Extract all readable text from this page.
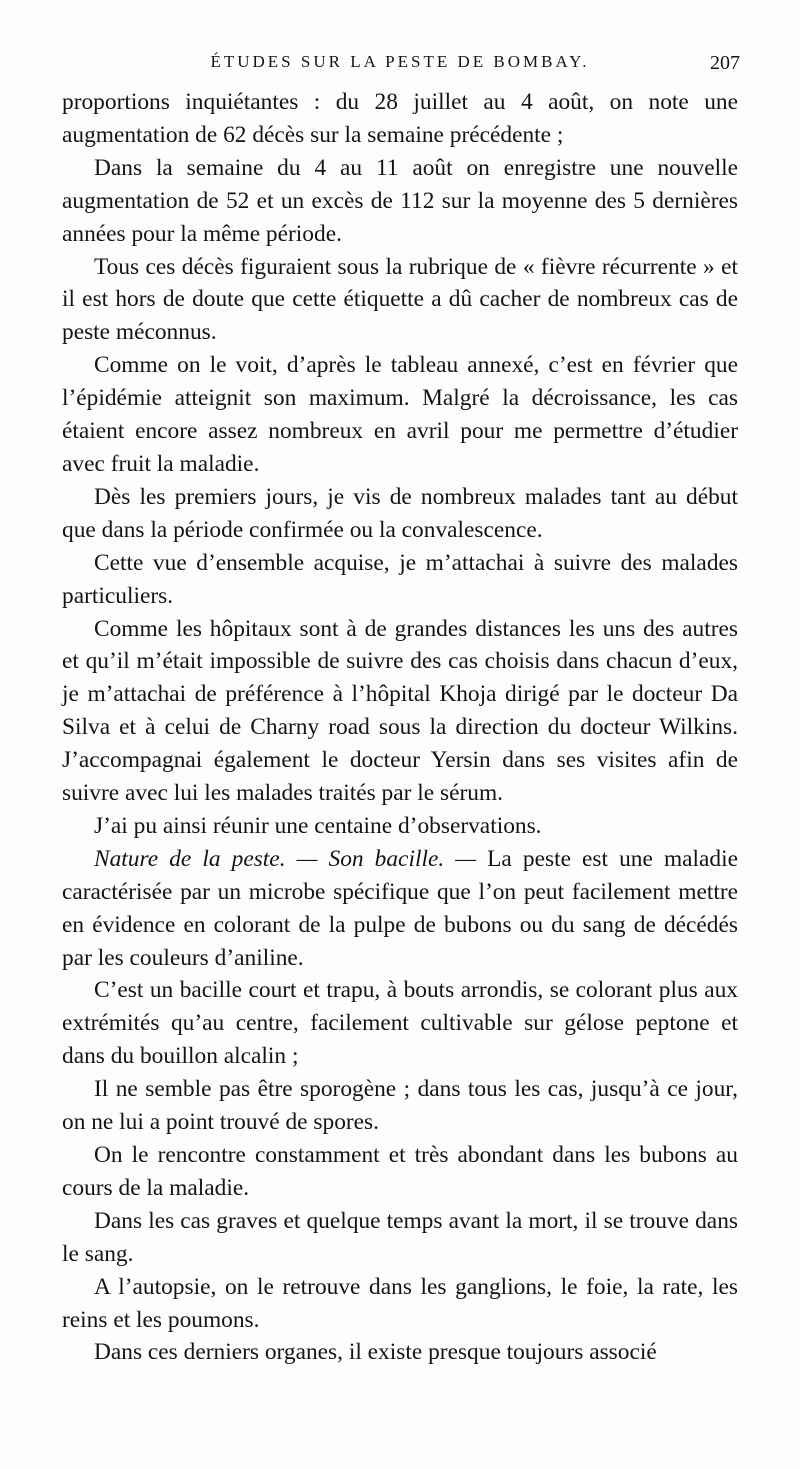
ÉTUDES SUR LA PESTE DE BOMBAY.	207

proportions inquiétantes : du 28 juillet au 4 août, on note une augmentation de 62 décès sur la semaine précédente ;

Dans la semaine du 4 au 11 août on enregistre une nouvelle augmentation de 52 et un excès de 112 sur la moyenne des 5 dernières années pour la même période.

Tous ces décès figuraient sous la rubrique de « fièvre récurrente » et il est hors de doute que cette étiquette a dû cacher de nombreux cas de peste méconnus.

Comme on le voit, d’après le tableau annexé, c’est en février que l’épidémie atteignit son maximum. Malgré la décroissance, les cas étaient encore assez nombreux en avril pour me permettre d’étudier avec fruit la maladie.

Dès les premiers jours, je vis de nombreux malades tant au début que dans la période confirmée ou la convalescence.

Cette vue d’ensemble acquise, je m’attachai à suivre des malades particuliers.

Comme les hôpitaux sont à de grandes distances les uns des autres et qu’il m’était impossible de suivre des cas choisis dans chacun d’eux, je m’attachai de préférence à l’hôpital Khoja dirigé par le docteur Da Silva et à celui de Charny road sous la direction du docteur Wilkins. J’accompagnai également le docteur Yersin dans ses visites afin de suivre avec lui les malades traités par le sérum.

J’ai pu ainsi réunir une centaine d’observations.

Nature de la peste. — Son bacille. — La peste est une maladie caractérisée par un microbe spécifique que l’on peut facilement mettre en évidence en colorant de la pulpe de bubons ou du sang de décédés par les couleurs d’aniline.

C’est un bacille court et trapu, à bouts arrondis, se colorant plus aux extrémités qu’au centre, facilement cultivable sur gélose peptone et dans du bouillon alcalin ;

Il ne semble pas être sporogène ; dans tous les cas, jusqu’à ce jour, on ne lui a point trouvé de spores.

On le rencontre constamment et très abondant dans les bubons au cours de la maladie.

Dans les cas graves et quelque temps avant la mort, il se trouve dans le sang.

A l’autopsie, on le retrouve dans les ganglions, le foie, la rate, les reins et les poumons.

Dans ces derniers organes, il existe presque toujours associé
